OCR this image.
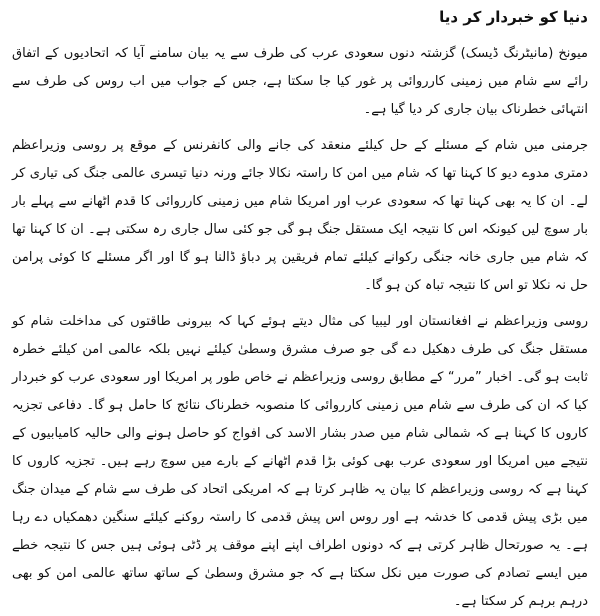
دنیا کو خبردار کر دیا

میونخ (مانیٹرنگ ڈیسک) گزشتہ دنوں سعودی عرب کی طرف سے یہ بیان سامنے آیا کہ اتحادیوں کے اتفاق رائے سے شام میں زمینی کارروائی پر غور کیا جا سکتا ہے، جس کے جواب میں اب روس کی طرف سے انتہائی خطرناک بیان جاری کر دیا گیا ہے۔

جرمنی میں شام کے مسئلے کے حل کیلئے منعقد کی جانے والی کانفرنس کے موقع پر روسی وزیراعظم دمتری مدوے دیو کا کہنا تھا کہ شام میں امن کا راستہ نکالا جائے ورنہ دنیا تیسری عالمی جنگ کی تیاری کر لے۔ ان کا یہ بھی کہنا تھا کہ سعودی عرب اور امریکا شام میں زمینی کارروائی کا قدم اٹھانے سے پہلے بار بار سوچ لیں کیونکہ اس کا نتیجہ ایک مستقل جنگ ہو گی جو کئی سال جاری رہ سکتی ہے۔ ان کا کہنا تھا کہ شام میں جاری خانہ جنگی رکوانے کیلئے تمام فریقین پر دباؤ ڈالنا ہو گا اور اگر مسئلے کا کوئی پرامن حل نہ نکلا تو اس کا نتیجہ تباہ کن ہو گا۔

روسی وزیراعظم نے افغانستان اور لیبیا کی مثال دیتے ہوئے کہا کہ بیرونی طاقتوں کی مداخلت شام کو مستقل جنگ کی طرف دھکیل دے گی جو صرف مشرق وسطیٰ کیلئے نہیں بلکہ عالمی امن کیلئے خطرہ ثابت ہو گی۔ اخبار ”مرر“ کے مطابق روسی وزیراعظم نے خاص طور پر امریکا اور سعودی عرب کو خبردار کیا کہ ان کی طرف سے شام میں زمینی کارروائی کا منصوبہ خطرناک نتائج کا حامل ہو گا۔ دفاعی تجزیہ کاروں کا کہنا ہے کہ شمالی شام میں صدر بشار الاسد کی افواج کو حاصل ہونے والی حالیہ کامیابیوں کے نتیجے میں امریکا اور سعودی عرب بھی کوئی بڑا قدم اٹھانے کے بارے میں سوچ رہے ہیں۔ تجزیہ کاروں کا کہنا ہے کہ روسی وزیراعظم کا بیان یہ ظاہر کرتا ہے کہ امریکی اتحاد کی طرف سے شام کے میدان جنگ میں بڑی پیش قدمی کا خدشہ ہے اور روس اس پیش قدمی کا راستہ روکنے کیلئے سنگین دھمکیاں دے رہا ہے۔ یہ صورتحال ظاہر کرتی ہے کہ دونوں اطراف اپنے اپنے موقف پر ڈٹی ہوئی ہیں جس کا نتیجہ خطے میں ایسے تصادم کی صورت میں نکل سکتا ہے کہ جو مشرق وسطیٰ کے ساتھ ساتھ عالمی امن کو بھی درہم برہم کر سکتا ہے۔
